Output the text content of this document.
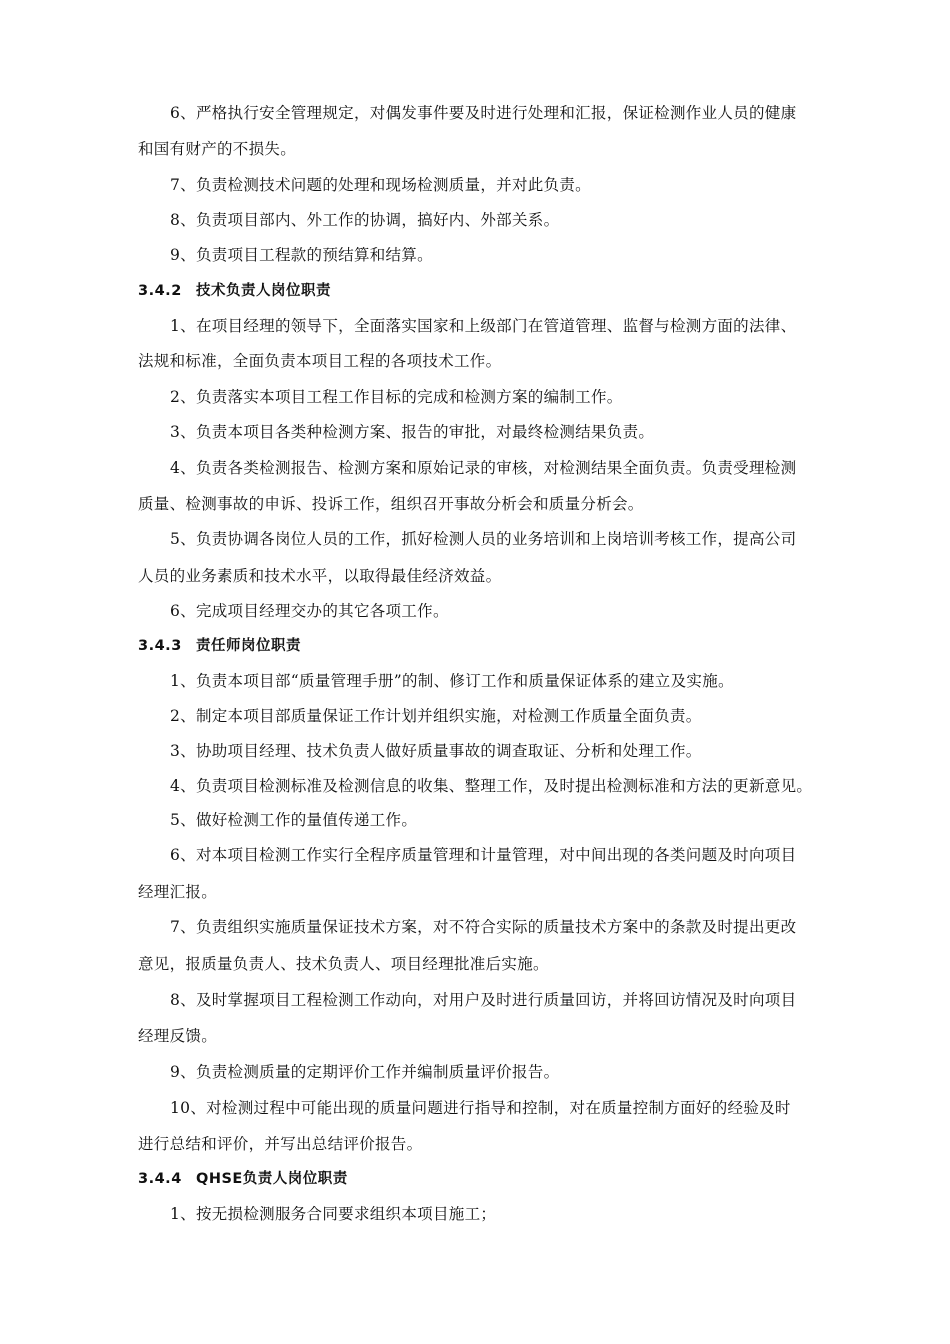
6、严格执行安全管理规定，对偶发事件要及时进行处理和汇报，保证检测作业人员的健康
和国有财产的不损失。
7、负责检测技术问题的处理和现场检测质量，并对此负责。
8、负责项目部内、外工作的协调，搞好内、外部关系。
9、负责项目工程款的预结算和结算。
3.4.2 技术负责人岗位职责
1、在项目经理的领导下，全面落实国家和上级部门在管道管理、监督与检测方面的法律、
法规和标准，全面负责本项目工程的各项技术工作。
2、负责落实本项目工程工作目标的完成和检测方案的编制工作。
3、负责本项目各类种检测方案、报告的审批，对最终检测结果负责。
4、负责各类检测报告、检测方案和原始记录的审核，对检测结果全面负责。负责受理检测
质量、检测事故的申诉、投诉工作，组织召开事故分析会和质量分析会。
5、负责协调各岗位人员的工作，抓好检测人员的业务培训和上岗培训考核工作，提高公司
人员的业务素质和技术水平，以取得最佳经济效益。
6、完成项目经理交办的其它各项工作。
3.4.3 责任师岗位职责
1、负责本项目部“质量管理手册”的制、修订工作和质量保证体系的建立及实施。
2、制定本项目部质量保证工作计划并组织实施，对检测工作质量全面负责。
3、协助项目经理、技术负责人做好质量事故的调查取证、分析和处理工作。
4、负责项目检测标准及检测信息的收集、整理工作，及时提出检测标准和方法的更新意见。
5、做好检测工作的量值传递工作。
6、对本项目检测工作实行全程序质量管理和计量管理，对中间出现的各类问题及时向项目
经理汇报。
7、负责组织实施质量保证技术方案，对不符合实际的质量技术方案中的条款及时提出更改
意见，报质量负责人、技术负责人、项目经理批准后实施。
8、及时掌握项目工程检测工作动向，对用户及时进行质量回访，并将回访情况及时向项目
经理反馈。
9、负责检测质量的定期评价工作并编制质量评价报告。
10、对检测过程中可能出现的质量问题进行指导和控制，对在质量控制方面好的经验及时
进行总结和评价，并写出总结评价报告。
3.4.4 QHSE负责人岗位职责
1、按无损检测服务合同要求组织本项目施工；
